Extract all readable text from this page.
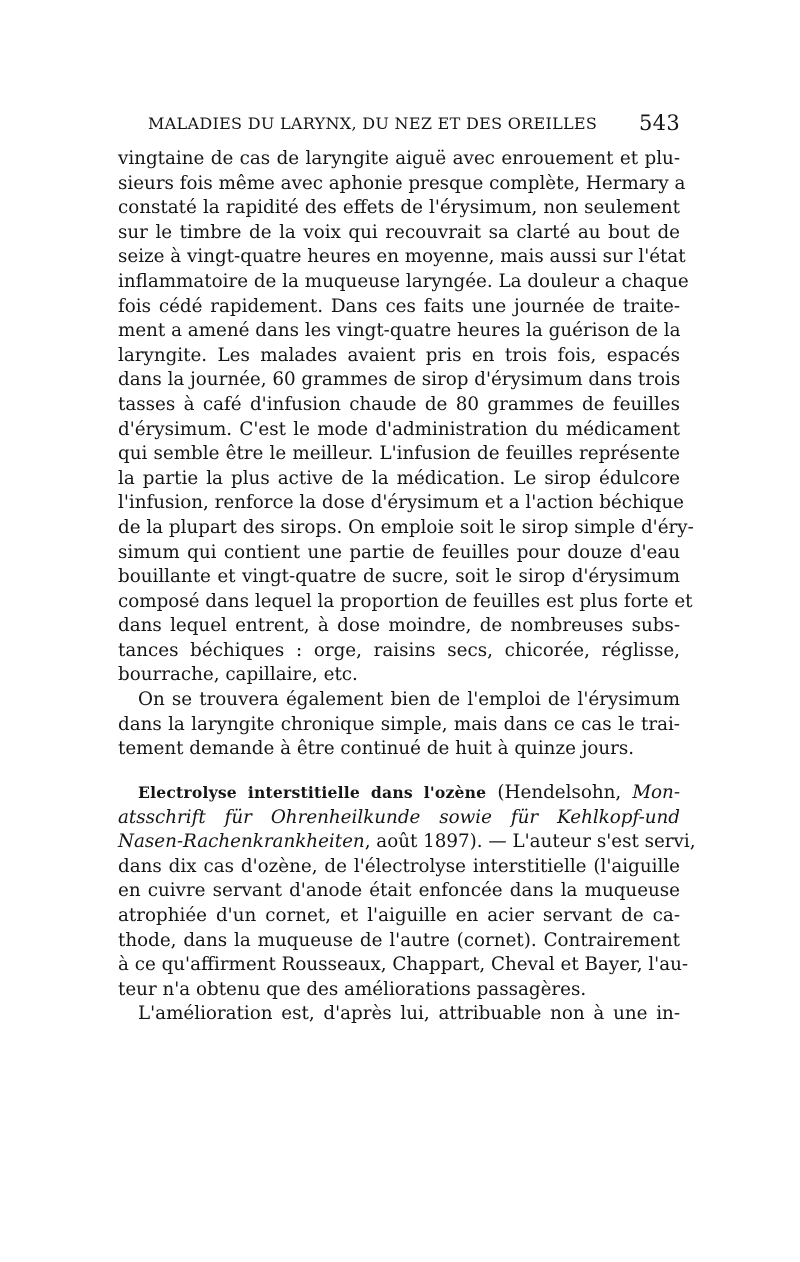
MALADIES DU LARYNX, DU NEZ ET DES OREILLES 543
vingtaine de cas de laryngite aiguë avec enrouement et plu-
sieurs fois même avec aphonie presque complète, Hermary a
constaté la rapidité des effets de l'érysimum, non seulement
sur le timbre de la voix qui recouvrait sa clarté au bout de
seize à vingt-quatre heures en moyenne, mais aussi sur l'état
inflammatoire de la muqueuse laryngée. La douleur a chaque
fois cédé rapidement. Dans ces faits une journée de traite-
ment a amené dans les vingt-quatre heures la guérison de la
laryngite. Les malades avaient pris en trois fois, espacés
dans la journée, 60 grammes de sirop d'érysimum dans trois
tasses à café d'infusion chaude de 80 grammes de feuilles
d'érysimum. C'est le mode d'administration du médicament
qui semble être le meilleur. L'infusion de feuilles représente
la partie la plus active de la médication. Le sirop édulcore
l'infusion, renforce la dose d'érysimum et a l'action béchique
de la plupart des sirops. On emploie soit le sirop simple d'éry-
simum qui contient une partie de feuilles pour douze d'eau
bouillante et vingt-quatre de sucre, soit le sirop d'érysimum
composé dans lequel la proportion de feuilles est plus forte et
dans lequel entrent, à dose moindre, de nombreuses subs-
tances béchiques : orge, raisins secs, chicorée, réglisse,
bourrache, capillaire, etc.
On se trouvera également bien de l'emploi de l'érysimum
dans la laryngite chronique simple, mais dans ce cas le trai-
tement demande à être continué de huit à quinze jours.
Electrolyse interstitielle dans l'ozène (Hendelsohn, Mon-
atsschrift für Ohrenheilkunde sowie für Kehlkopf-und
Nasen-Rachenkrankheiten, août 1897). — L'auteur s'est servi,
dans dix cas d'ozène, de l'électrolyse interstitielle (l'aiguille
en cuivre servant d'anode était enfoncée dans la muqueuse
atrophiée d'un cornet, et l'aiguille en acier servant de ca-
thode, dans la muqueuse de l'autre (cornet). Contrairement
à ce qu'affirment Rousseaux, Chappart, Cheval et Bayer, l'au-
teur n'a obtenu que des améliorations passagères.
L'amélioration est, d'après lui, attribuable non à une in-
